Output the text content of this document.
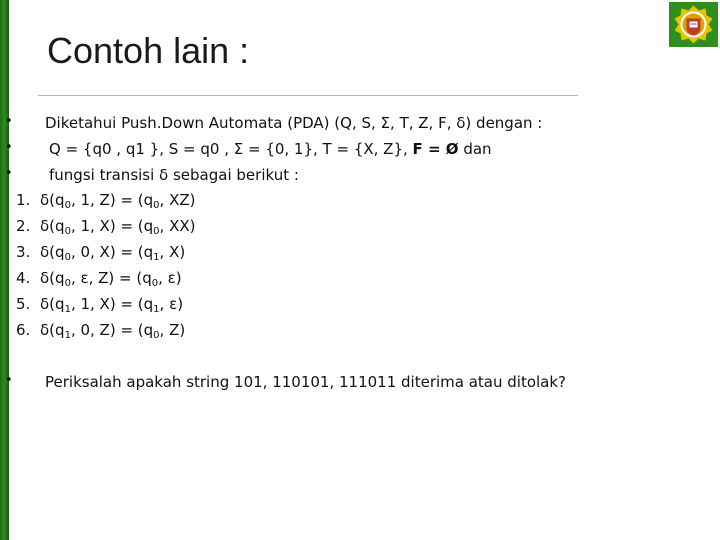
Contoh lain :
• Diketahui Push.Down Automata (PDA) (Q, S, Σ, T, Z, F, δ) dengan :
• Q = {q0 , q1 }, S = q0 , Σ = {0, 1}, T = {X, Z}, F = Ø dan
• fungsi transisi δ sebagai berikut :
1. $\delta(q_0$, 1, $Z) = (q_0$, XZ)
2. $\delta(q_0$, 1, $X) = (q_0$, XX)
3. $\delta(q_0$, 0, $X) = (q_1$, X)
4. $\delta(q_0$, ε, $Z) = (q_0$, ε)
5. $\delta(q_1$, 1, $X) = (q_1$, ε)
6. $\delta(q_1$, 0, $Z) = (q_0$, Z)
• Periksalah apakah string 101, 110101, 111011 diterima atau ditolak?
